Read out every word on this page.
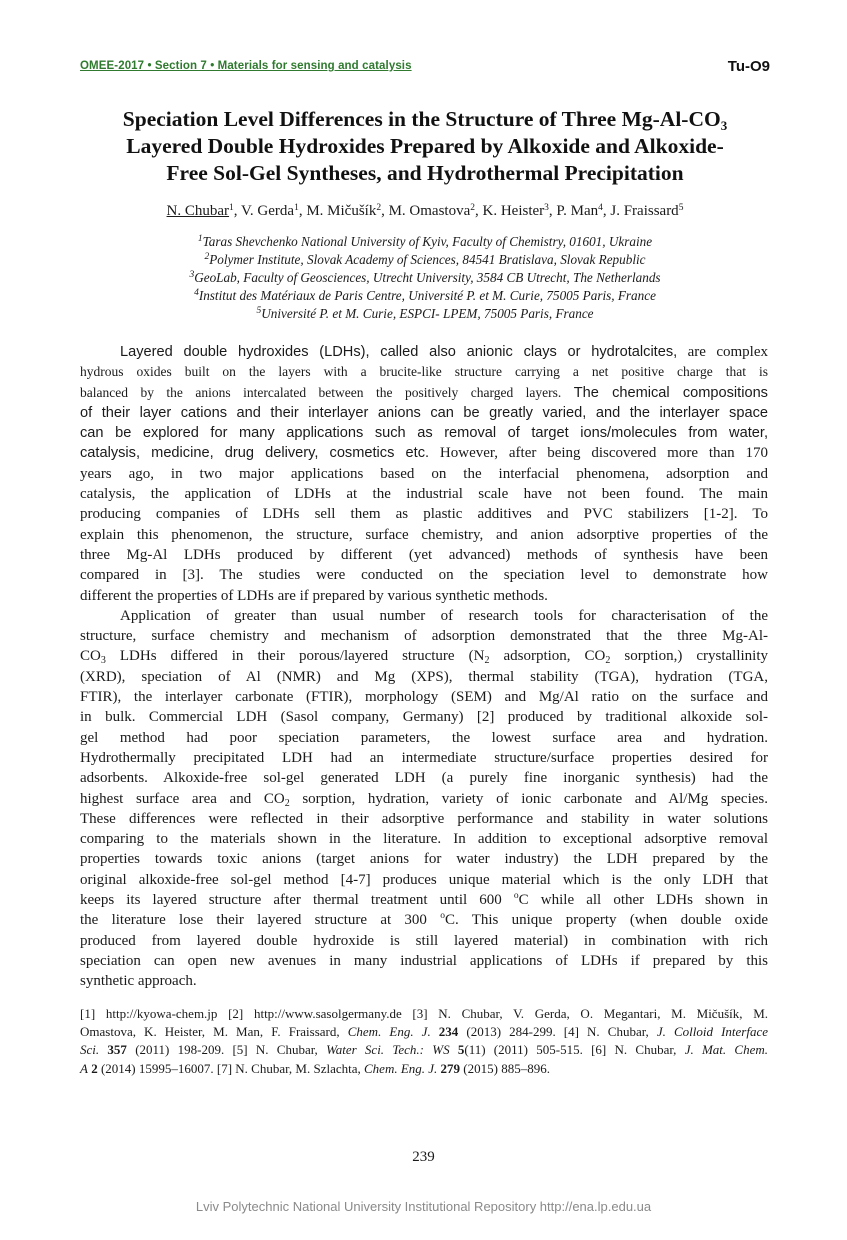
OMEE-2017 • Section 7 • Materials for sensing and catalysis	Tu-O9
Speciation Level Differences in the Structure of Three $Mg-Al-CO_3$
Layered Double Hydroxides Prepared by Alkoxide and Alkoxide-
Free Sol-Gel Syntheses, and Hydrothermal Precipitation
N. Chubar$^1$, V. Gerda$^1$, M. Mičušík$^2$, M. Omastova$^2$, K. Heister$^3$, P. Man$^4$, J. Fraissard$^5$
$^1$Taras Shevchenko National University of Kyiv, Faculty of Chemistry, 01601, Ukraine
$^2$Polymer Institute, Slovak Academy of Sciences, 84541 Bratislava, Slovak Republic
$^3$GeoLab, Faculty of Geosciences, Utrecht University, 3584 CB Utrecht, The Netherlands
$^4$Institut des Matériaux de Paris Centre, Université P. et M. Curie, 75005 Paris, France
$^5$Université P. et M. Curie, ESPCI- LPEM, 75005 Paris, France
Layered double hydroxides (LDHs), called also anionic clays or hydrotalcites, are complex
hydrous oxides built on the layers with a brucite-like structure carrying a net positive charge that is
balanced by the anions intercalated between the positively charged layers. The chemical compositions
of their layer cations and their interlayer anions can be greatly varied, and the interlayer space
can be explored for many applications such as removal of target ions/molecules from water,
catalysis, medicine, drug delivery, cosmetics etc. However, after being discovered more than 170
years ago, in two major applications based on the interfacial phenomena, adsorption and
catalysis, the application of LDHs at the industrial scale have not been found. The main
producing companies of LDHs sell them as plastic additives and PVC stabilizers [1-2]. To
explain this phenomenon, the structure, surface chemistry, and anion adsorptive properties of the
three Mg-Al LDHs produced by different (yet advanced) methods of synthesis have been
compared in [3]. The studies were conducted on the speciation level to demonstrate how
different the properties of LDHs are if prepared by various synthetic methods.
Application of greater than usual number of research tools for characterisation of the
structure, surface chemistry and mechanism of adsorption demonstrated that the three Mg-Al-
$CO_3$ LDHs differed in their porous/layered structure ($N_2$ adsorption, $CO_2$ sorption,) crystallinity
(XRD), speciation of Al (NMR) and Mg (XPS), thermal stability (TGA), hydration (TGA,
FTIR), the interlayer carbonate (FTIR), morphology (SEM) and Mg/Al ratio on the surface and
in bulk. Commercial LDH (Sasol company, Germany) [2] produced by traditional alkoxide sol-
gel method had poor speciation parameters, the lowest surface area and hydration.
Hydrothermally precipitated LDH had an intermediate structure/surface properties desired for
adsorbents. Alkoxide-free sol-gel generated LDH (a purely fine inorganic synthesis) had the
highest surface area and $CO_2$ sorption, hydration, variety of ionic carbonate and Al/Mg species.
These differences were reflected in their adsorptive performance and stability in water solutions
comparing to the materials shown in the literature. In addition to exceptional adsorptive removal
properties towards toxic anions (target anions for water industry) the LDH prepared by the
original alkoxide-free sol-gel method [4-7] produces unique material which is the only LDH that
keeps its layered structure after thermal treatment until 600 $^o$C while all other LDHs shown in
the literature lose their layered structure at 300 $^o$C. This unique property (when double oxide
produced from layered double hydroxide is still layered material) in combination with rich
speciation can open new avenues in many industrial applications of LDHs if prepared by this
synthetic approach.
[1] http://kyowa-chem.jp [2] http://www.sasolgermany.de [3] N. Chubar, V. Gerda, O. Megantari, M. Mičušík, M.
Omastova, K. Heister, M. Man, F. Fraissard, Chem. Eng. J. 234 (2013) 284-299. [4] N. Chubar, J. Colloid Interface
Sci. 357 (2011) 198-209. [5] N. Chubar, Water Sci. Tech.: WS 5(11) (2011) 505-515. [6] N. Chubar, J. Mat. Chem.
A 2 (2014) 15995–16007. [7] N. Chubar, M. Szlachta, Chem. Eng. J. 279 (2015) 885–896.
239
Lviv Polytechnic National University Institutional Repository http://ena.lp.edu.ua
